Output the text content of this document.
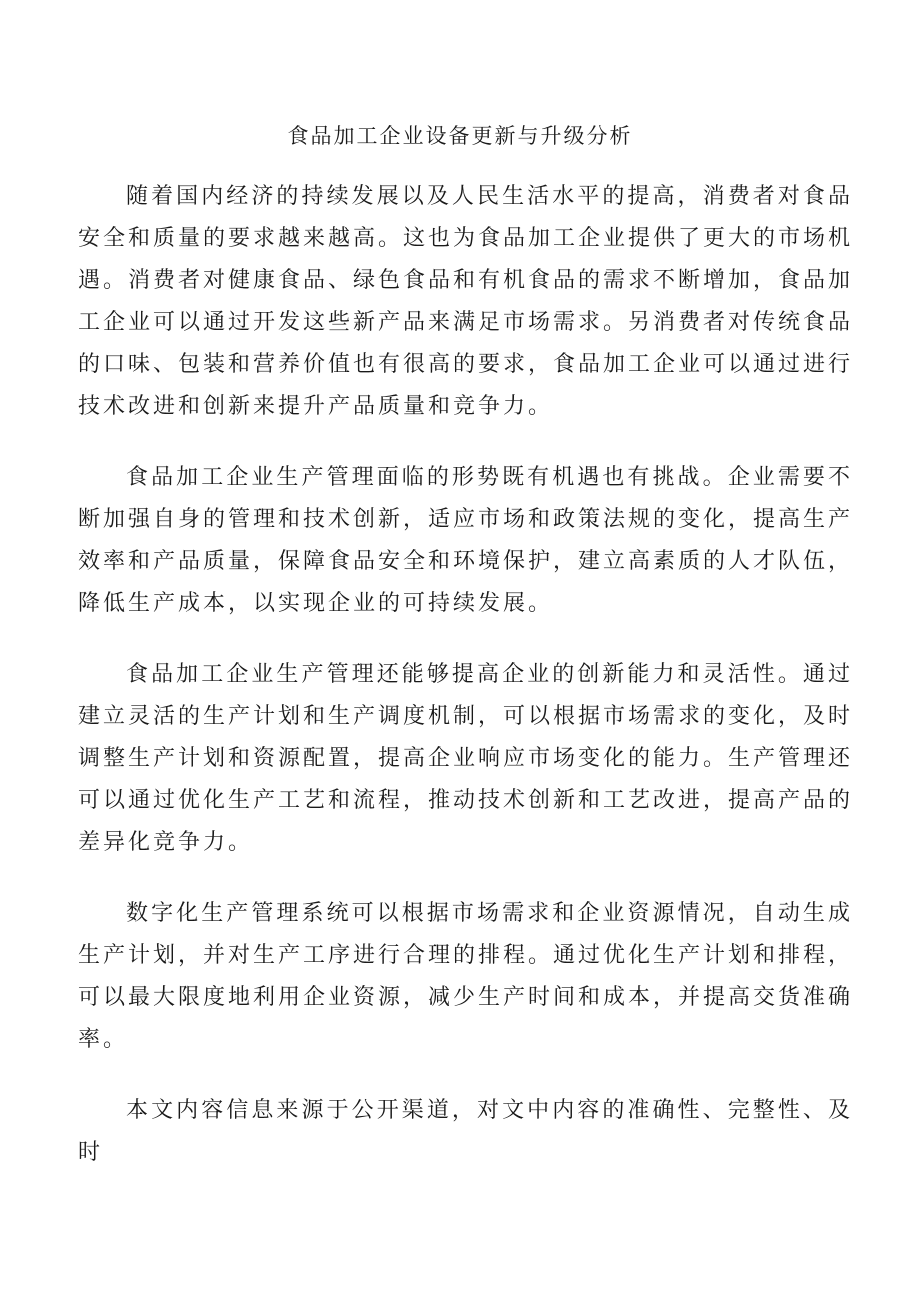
食品加工企业设备更新与升级分析

随着国内经济的持续发展以及人民生活水平的提高，消费者对食品安全和质量的要求越来越高。这也为食品加工企业提供了更大的市场机遇。消费者对健康食品、绿色食品和有机食品的需求不断增加，食品加工企业可以通过开发这些新产品来满足市场需求。另消费者对传统食品的口味、包装和营养价值也有很高的要求，食品加工企业可以通过进行技术改进和创新来提升产品质量和竞争力。

食品加工企业生产管理面临的形势既有机遇也有挑战。企业需要不断加强自身的管理和技术创新，适应市场和政策法规的变化，提高生产效率和产品质量，保障食品安全和环境保护，建立高素质的人才队伍，降低生产成本，以实现企业的可持续发展。

食品加工企业生产管理还能够提高企业的创新能力和灵活性。通过建立灵活的生产计划和生产调度机制，可以根据市场需求的变化，及时调整生产计划和资源配置，提高企业响应市场变化的能力。生产管理还可以通过优化生产工艺和流程，推动技术创新和工艺改进，提高产品的差异化竞争力。

数字化生产管理系统可以根据市场需求和企业资源情况，自动生成生产计划，并对生产工序进行合理的排程。通过优化生产计划和排程，可以最大限度地利用企业资源，减少生产时间和成本，并提高交货准确率。

本文内容信息来源于公开渠道，对文中内容的准确性、完整性、及时
